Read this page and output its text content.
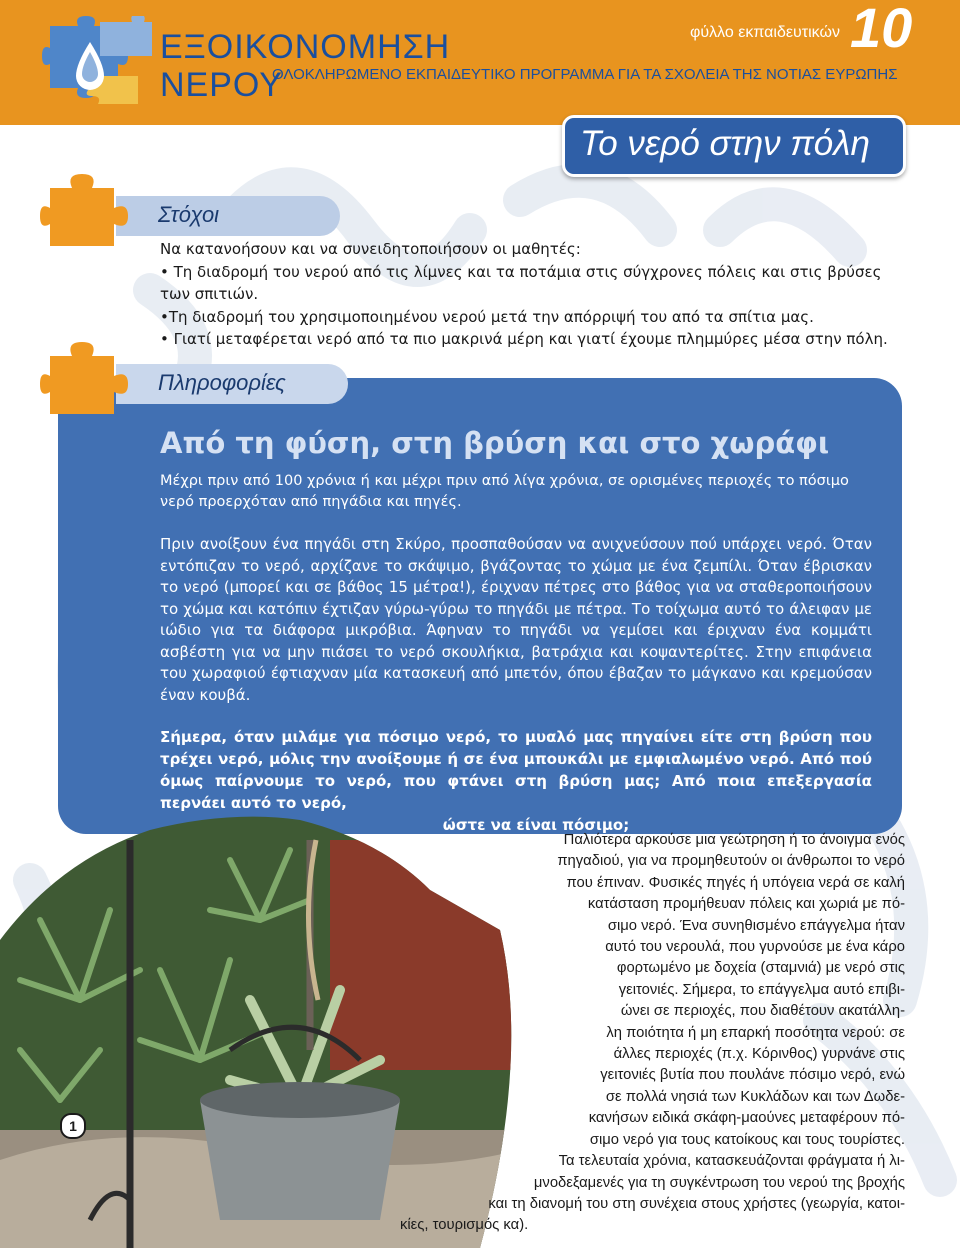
ΕΞΟΙΚΟΝΟΜΗΣΗ
ΝΕΡΟΥ
ΟΛΟΚΛΗΡΩΜΕΝΟ ΕΚΠΑΙΔΕΥΤΙΚΟ ΠΡΟΓΡΑΜΜΑ ΓΙΑ ΤΑ ΣΧΟΛΕΙΑ ΤΗΣ ΝΟΤΙΑΣ ΕΥΡΩΠΗΣ
φύλλο εκπαιδευτικών 10
Το νερό στην πόλη
Στόχοι
Να κατανοήσουν και να συνειδητοποιήσουν οι μαθητές:
• Τη διαδρομή του νερού από τις λίμνες και τα ποτάμια στις σύγχρονες πόλεις και στις βρύσες
των σπιτιών.
•Τη διαδρομή του χρησιμοποιημένου νερού μετά την απόρριψή του από τα σπίτια μας.
• Γιατί μεταφέρεται νερό από τα πιο μακρινά μέρη και γιατί έχουμε πλημμύρες μέσα στην πόλη.
Πληροφορίες
Από τη φύση, στη βρύση και στο χωράφι
Μέχρι πριν από 100 χρόνια ή και μέχρι πριν από λίγα χρόνια, σε ορισμένες περιοχές το πόσιμο νερό προερχόταν από πηγάδια και πηγές.
Πριν ανοίξουν ένα πηγάδι στη Σκύρο, προσπαθούσαν να ανιχνεύσουν πού υπάρχει νερό. Όταν εντόπιζαν το νερό, αρχίζανε το σκάψιμο, βγάζοντας το χώμα με ένα ζεμπίλι. Όταν έβρισκαν το νερό (μπορεί και σε βάθος 15 μέτρα!), έριχναν πέτρες στο βάθος για να σταθεροποιήσουν το χώμα και κατόπιν έχτιζαν γύρω-γύρω το πηγάδι με πέτρα. Το τοίχωμα αυτό το άλειφαν με ιώδιο για τα διάφορα μικρόβια. Άφηναν το πηγάδι να γεμίσει και έριχναν ένα κομμάτι ασβέστη για να μην πιάσει το νερό σκουλήκια, βατράχια και κοψαντερίτες. Στην επιφάνεια του χωραφιού έφτιαχναν μία κατασκευή από μπετόν, όπου έβαζαν το μάγκανο και κρεμούσαν έναν κουβά.
Σήμερα, όταν μιλάμε για πόσιμο νερό, το μυαλό μας πηγαίνει είτε στη βρύση που τρέχει νερό, μόλις την ανοίξουμε ή σε ένα μπουκάλι με εμφιαλωμένο νερό. Από πού όμως παίρνουμε το νερό, που φτάνει στη βρύση μας; Από ποια επεξεργασία περνάει αυτό το νερό,
ώστε να είναι πόσιμο;
1
Παλιότερα αρκούσε μια γεώτρηση ή το άνοιγμα ενός
πηγαδιού, για να προμηθευτούν οι άνθρωποι το νερό
που έπιναν. Φυσικές πηγές ή υπόγεια νερά σε καλή
κατάσταση προμήθευαν πόλεις και χωριά με πό-
σιμο νερό. Ένα συνηθισμένο επάγγελμα ήταν
αυτό του νερουλά, που γυρνούσε με ένα κάρο
φορτωμένο με δοχεία (σταμνιά) με νερό στις
γειτονιές. Σήμερα, το επάγγελμα αυτό επιβι-
ώνει σε περιοχές, που διαθέτουν ακατάλλη-
λη ποιότητα ή μη επαρκή ποσότητα νερού: σε
άλλες περιοχές (π.χ. Κόρινθος) γυρνάνε στις
γειτονιές βυτία που πουλάνε πόσιμο νερό, ενώ
σε πολλά νησιά των Κυκλάδων και των Δωδε-
κανήσων ειδικά σκάφη-μαούνες μεταφέρουν πό-
σιμο νερό για τους κατοίκους και τους τουρίστες.
Τα τελευταία χρόνια, κατασκευάζονται φράγματα ή λι-
μνοδεξαμενές για τη συγκέντρωση του νερού της βροχής
και τη διανομή του στη συνέχεια στους χρήστες (γεωργία, κατοι-
κίες, τουρισμός κα).
